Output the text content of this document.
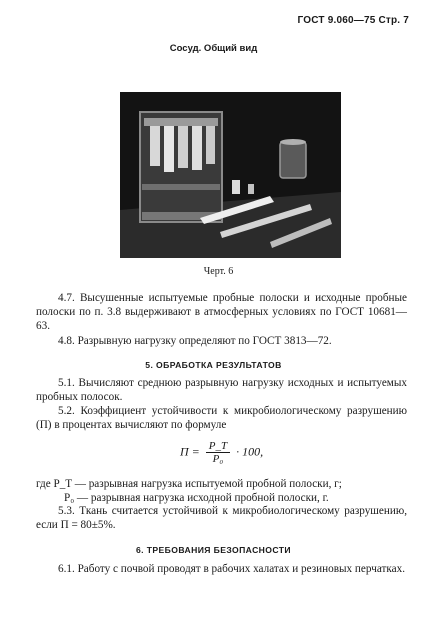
ГОСТ 9.060—75 Стр. 7
Сосуд. Общий вид
Черт. 6
4.7. Высушенные испытуемые пробные полоски и исходные пробные полоски по п. 3.8 выдерживают в атмосферных условиях по ГОСТ 10681—63.
4.8. Разрывную нагрузку определяют по ГОСТ 3813—72.
5. ОБРАБОТКА РЕЗУЛЬТАТОВ
5.1. Вычисляют среднюю разрывную нагрузку исходных и испытуемых пробных полосок.
5.2. Коэффициент устойчивости к микробиологическому разрушению (П) в процентах вычисляют по формуле
$П = \frac{P\_T}{\text{P₀}} \cdot 100$,
где P_T — разрывная нагрузка испытуемой пробной полоски, г;
P₀ — разрывная нагрузка исходной пробной полоски, г.
5.3. Ткань считается устойчивой к микробиологическому разрушению, если П = 80±5%.
6. ТРЕБОВАНИЯ БЕЗОПАСНОСТИ
6.1. Работу с почвой проводят в рабочих халатах и резиновых перчатках.
